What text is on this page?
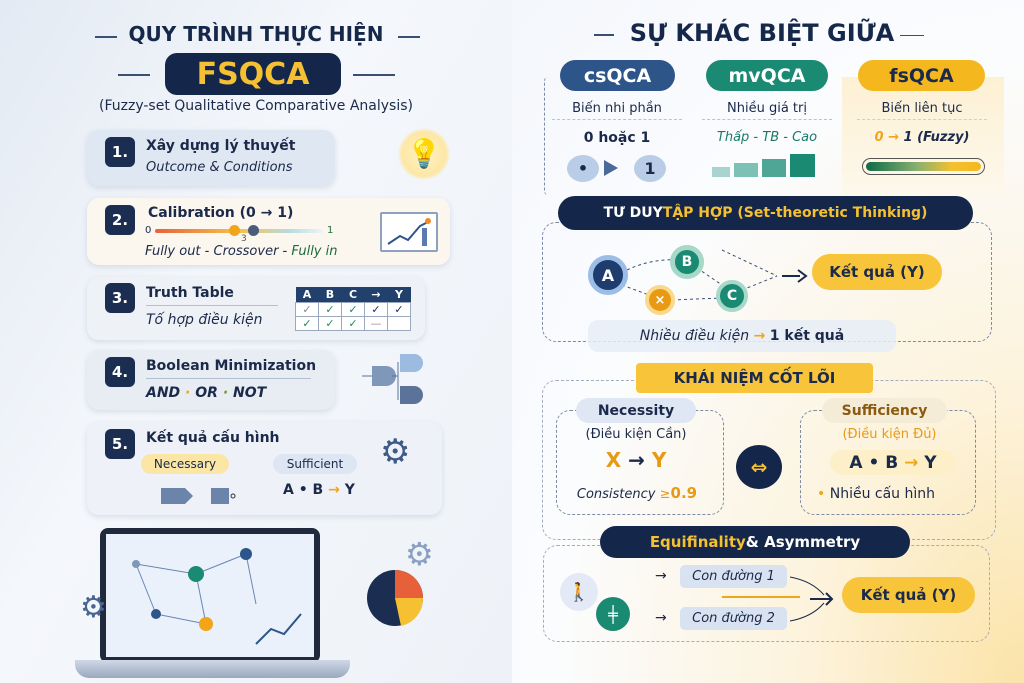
QUY TRÌNH THỰC HIỆN
FSQCA
(Fuzzy-set Qualitative Comparative Analysis)
1.	Xây dựng lý thuyết
Outcome & Conditions	💡
2.	Calibration (0 → 1)
0
3
1
Fully out - Crossover - Fully in
3.	Truth Table
Tố hợp điều kiện
A	B	C	→	Y
✓	✓	✓	✓	✓
✓	✓	✓	—	
4.	Boolean Minimization
AND · OR · NOT
5.	Kết quả cấu hình
Necessary	Sufficient
A • B → Y
⚙
⚙
⚙
SỰ KHÁC BIỆT GIỮA
csQCA	mvQCA	fsQCA
Biến nhi phần	Nhiều giá trị	Biến liên tục
0 hoặc 1	Thấp - TB - Cao	0 → 1 (Fuzzy)
•	1
TƯ DUY TẬP HỢP (Set-theoretic Thinking)
A
B
×	C
Kết quả (Y)
Nhiều điều kiện
→
1 kết quả
KHÁI NIỆM CỐT LÕI
Necessity
(Điều kiện Cần)
X → Y
Consistency ≥0.9
⇔
Sufficiency
(Điều kiện Đủ)
A • B
→
Y
• Nhiều cấu hình
Equifinality & Asymmetry
🚶
╪
→
→
Con đường 1
Con đường 2
Kết quả (Y)
